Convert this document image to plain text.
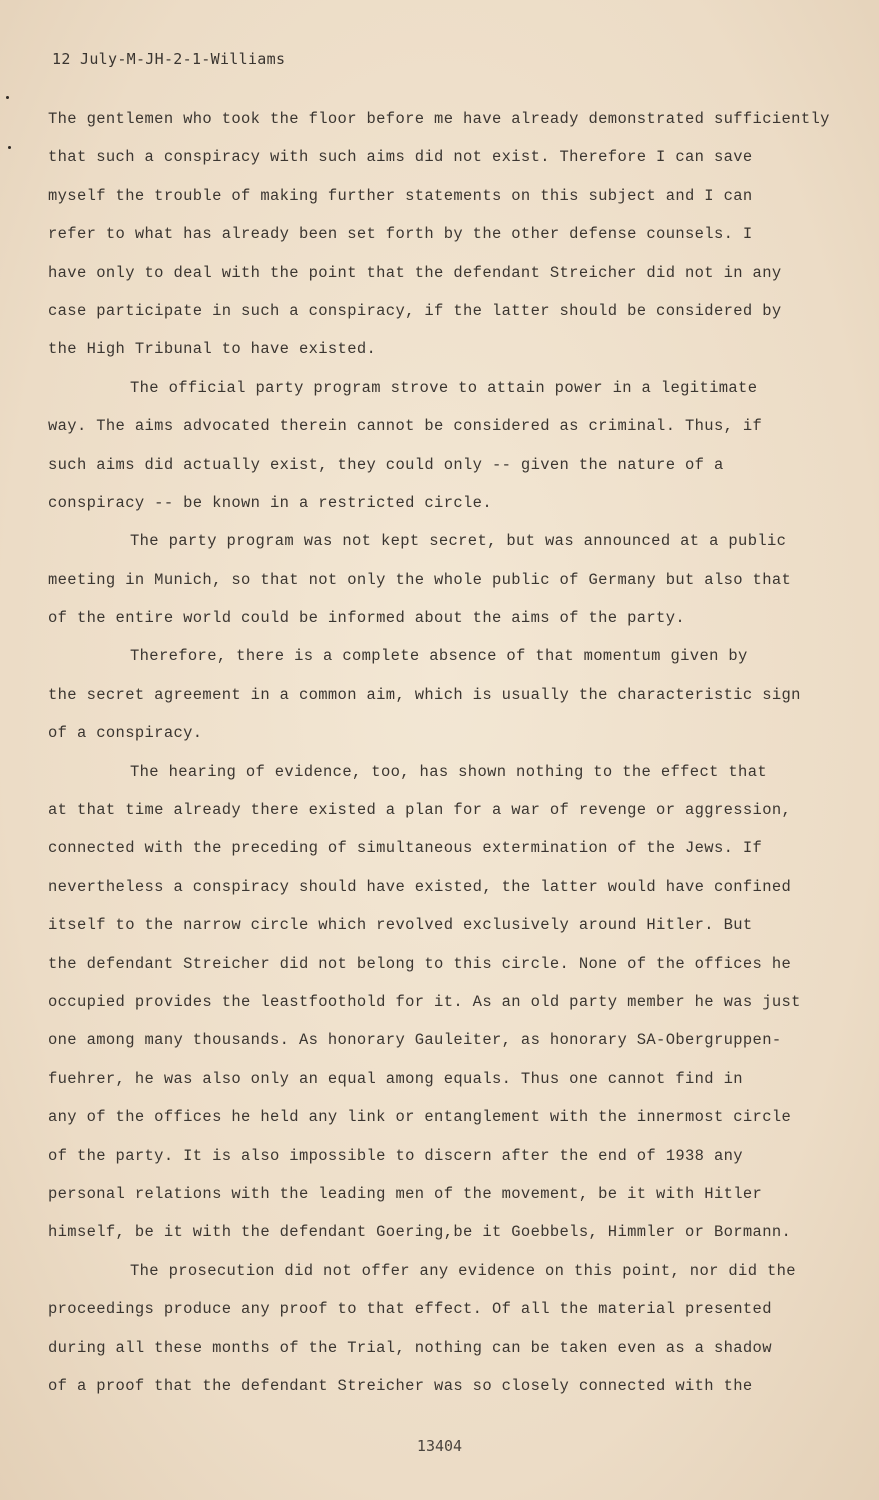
12 July-M-JH-2-1-Williams
The gentlemen who took the floor before me have already demonstrated sufficiently
that such a conspiracy with such aims did not exist. Therefore I can save
myself the trouble of making further statements on this subject and I can
refer to what has already been set forth by the other defense counsels. I
have only to deal with the point that the defendant Streicher did not in any
case participate in such a conspiracy, if the latter should be considered by
the High Tribunal to have existed.
The official party program strove to attain power in a legitimate
way. The aims advocated therein cannot be considered as criminal. Thus, if
such aims did actually exist, they could only -- given the nature of a
conspiracy -- be known in a restricted circle.
The party program was not kept secret, but was announced at a public
meeting in Munich, so that not only the whole public of Germany but also that
of the entire world could be informed about the aims of the party.
Therefore, there is a complete absence of that momentum given by
the secret agreement in a common aim, which is usually the characteristic sign
of a conspiracy.
The hearing of evidence, too, has shown nothing to the effect that
at that time already there existed a plan for a war of revenge or aggression,
connected with the preceding of simultaneous extermination of the Jews. If
nevertheless a conspiracy should have existed, the latter would have confined
itself to the narrow circle which revolved exclusively around Hitler. But
the defendant Streicher did not belong to this circle. None of the offices he
occupied provides the leastfoothold for it. As an old party member he was just
one among many thousands. As honorary Gauleiter, as honorary SA-Obergruppen-
fuehrer, he was also only an equal among equals. Thus one cannot find in
any of the offices he held any link or entanglement with the innermost circle
of the party. It is also impossible to discern after the end of 1938 any
personal relations with the leading men of the movement, be it with Hitler
himself, be it with the defendant Goering,be it Goebbels, Himmler or Bormann.
The prosecution did not offer any evidence on this point, nor did the
proceedings produce any proof to that effect. Of all the material presented
during all these months of the Trial, nothing can be taken even as a shadow
of a proof that the defendant Streicher was so closely connected with the
13404
